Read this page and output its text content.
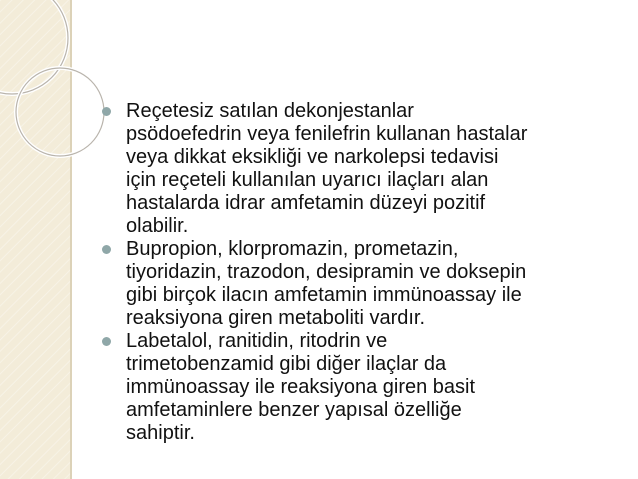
Reçetesiz satılan dekonjestanlar
psödoefedrin veya fenilefrin kullanan hastalar
veya dikkat eksikliği ve narkolepsi tedavisi
için reçeteli kullanılan uyarıcı ilaçları alan
hastalarda idrar amfetamin düzeyi pozitif
olabilir.
Bupropion, klorpromazin, prometazin,
tiyoridazin, trazodon, desipramin ve doksepin
gibi birçok ilacın amfetamin immünoassay ile
reaksiyona giren metaboliti vardır.
Labetalol, ranitidin, ritodrin ve
trimetobenzamid gibi diğer ilaçlar da
immünoassay ile reaksiyona giren basit
amfetaminlere benzer yapısal özelliğe
sahiptir.
